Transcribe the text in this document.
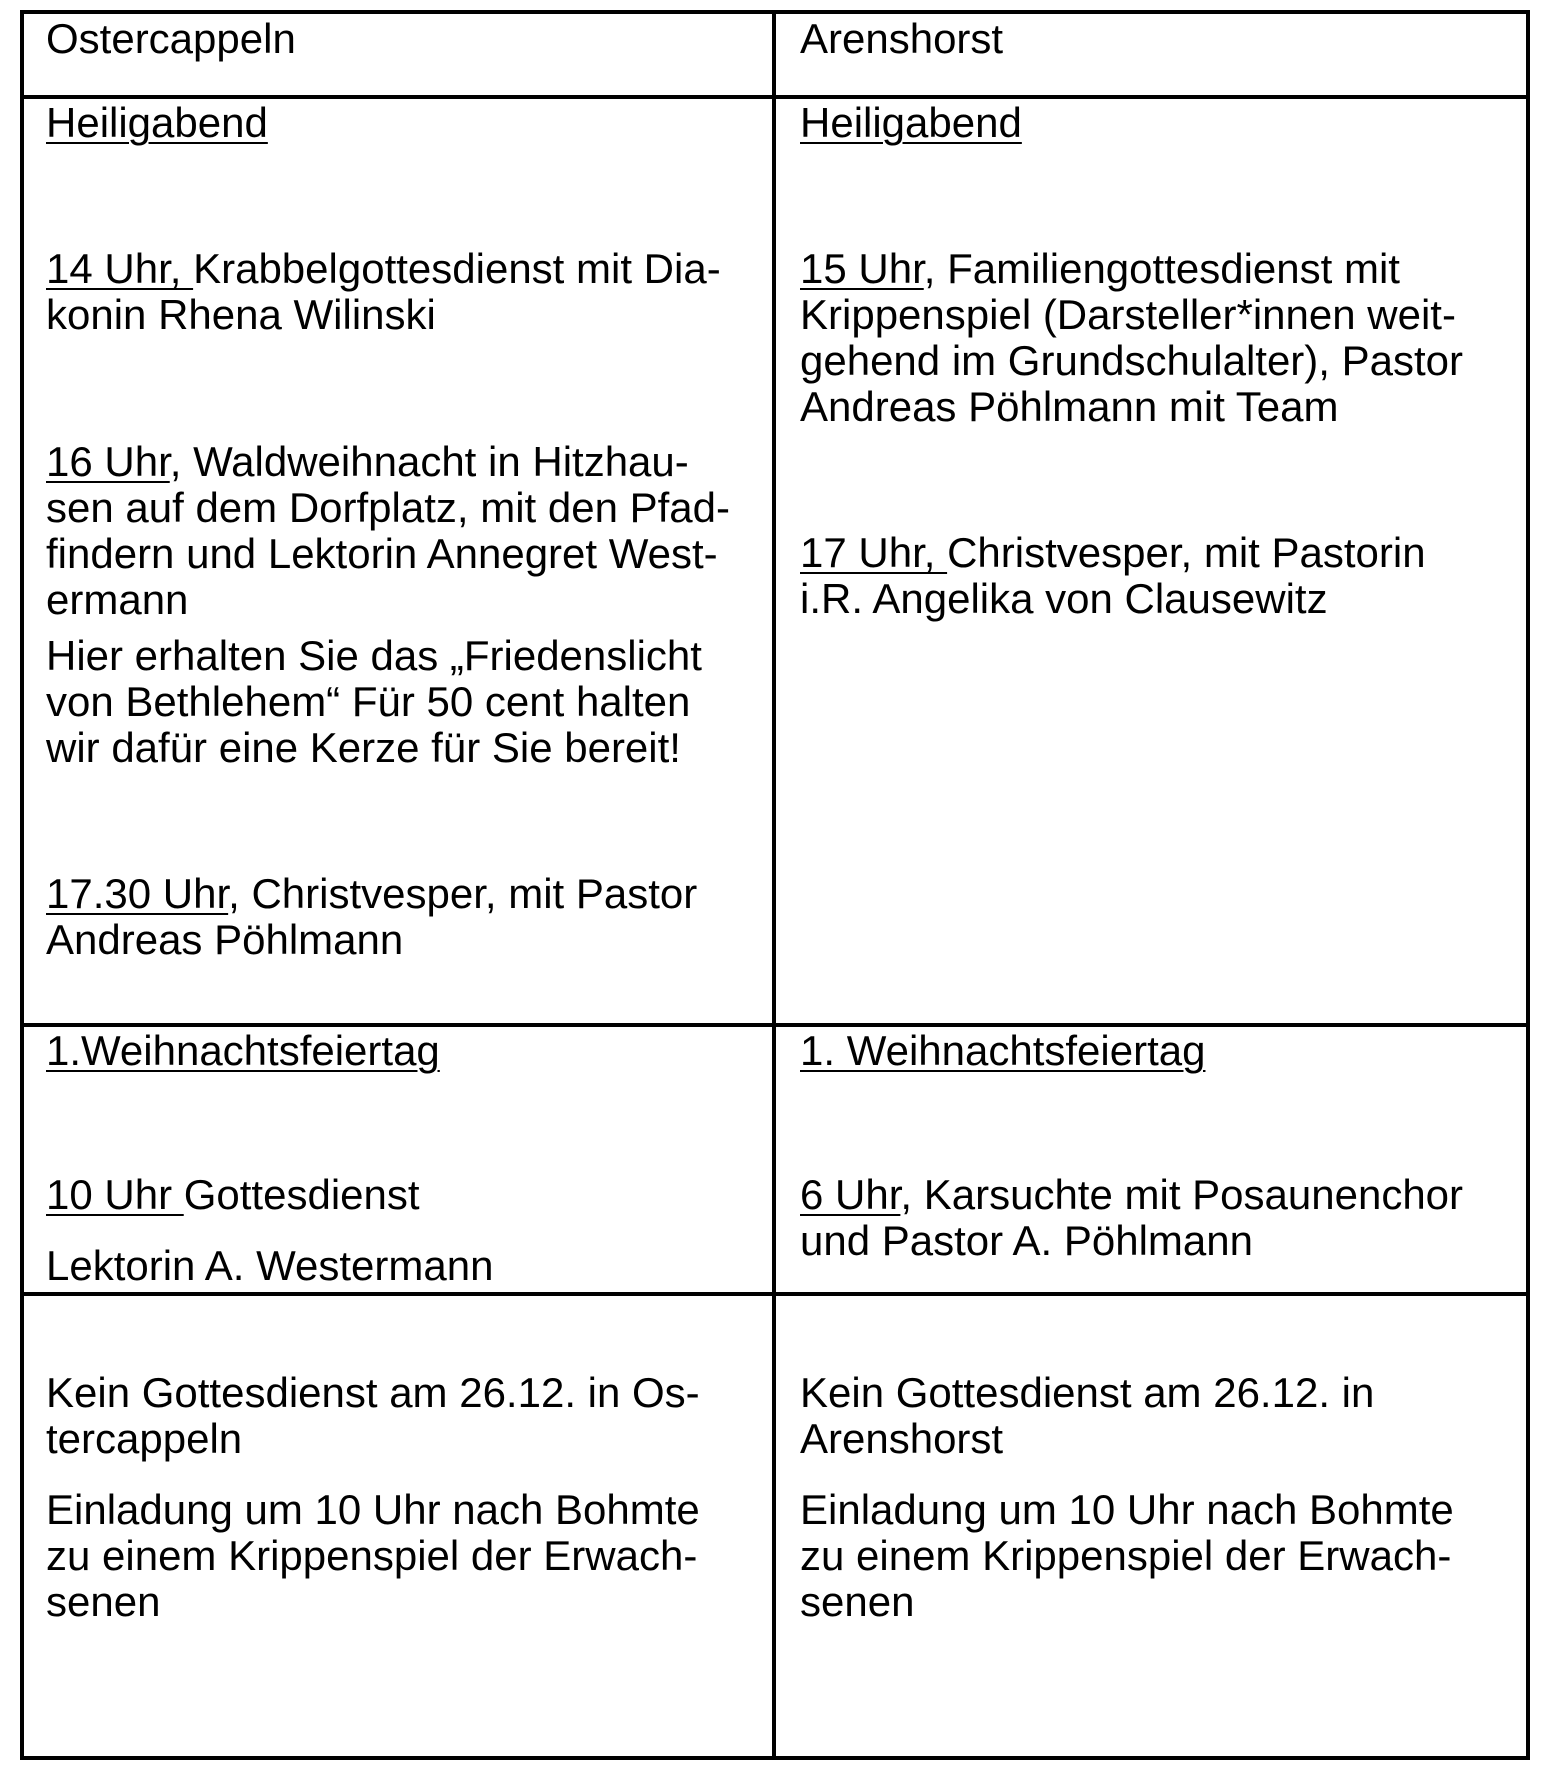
Ostercappeln	Arenshorst

Heiligabend

14 Uhr, Krabbelgottesdienst mit Dia-

konin Rhena Wilinski

16 Uhr, Waldweihnacht in Hitzhau-

sen auf dem Dorfplatz, mit den Pfad-

findern und Lektorin Annegret West-

ermann

Hier erhalten Sie das „Friedenslicht

von Bethlehem“ Für 50 cent halten

wir dafür eine Kerze für Sie bereit!

17.30 Uhr, Christvesper, mit Pastor

Andreas Pöhlmann

Heiligabend

15 Uhr, Familiengottesdienst mit

Krippenspiel (Darsteller*innen weit-

gehend im Grundschulalter), Pastor

Andreas Pöhlmann mit Team

17 Uhr, Christvesper, mit Pastorin

i.R. Angelika von Clausewitz

1.Weihnachtsfeiertag

10 Uhr Gottesdienst

Lektorin A. Westermann

1. Weihnachtsfeiertag

6 Uhr, Karsuchte mit Posaunenchor

und Pastor A. Pöhlmann

Kein Gottesdienst am 26.12. in Os-

tercappeln

Einladung um 10 Uhr nach Bohmte

zu einem Krippenspiel der Erwach-

senen

Kein Gottesdienst am 26.12. in

Arenshorst

Einladung um 10 Uhr nach Bohmte

zu einem Krippenspiel der Erwach-

senen
